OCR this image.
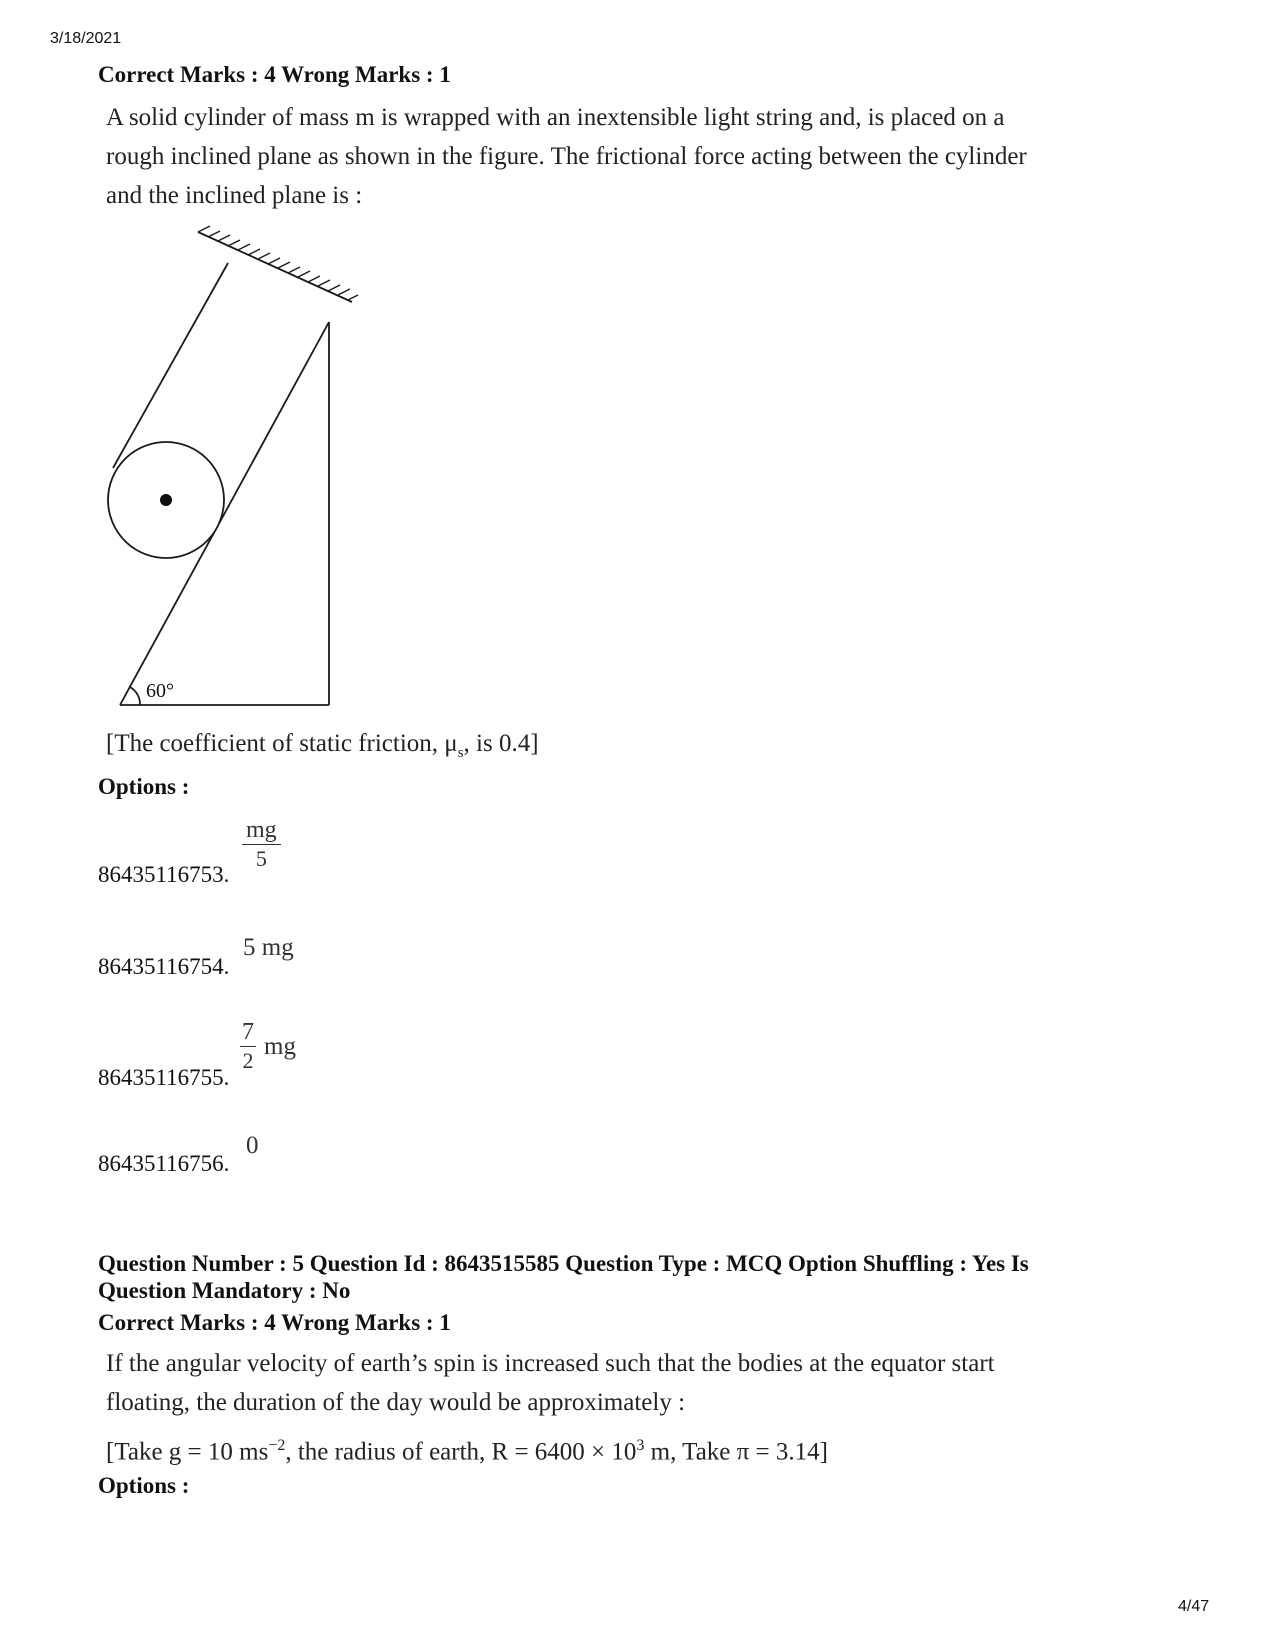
3/18/2021
Correct Marks : 4 Wrong Marks : 1
A solid cylinder of mass m is wrapped with an inextensible light string and, is placed on a
rough inclined plane as shown in the figure. The frictional force acting between the cylinder
and the inclined plane is :
60°
[The coefficient of static friction, $\mu_s$, is 0.4]
Options :
86435116753.
$\frac{mg}{5}$
86435116754.
5 mg
86435116755.
$\frac{7}{2}$ mg
86435116756.
0
Question Number : 5 Question Id : 8643515585 Question Type : MCQ Option Shuffling : Yes Is
Question Mandatory : No
Correct Marks : 4 Wrong Marks : 1
If the angular velocity of earth’s spin is increased such that the bodies at the equator start
floating, the duration of the day would be approximately :
[Take g = 10 $ms^{-2}$, the radius of earth, $R = 6400 \times 10^3$ m, Take π = 3.14]
Options :
4/47
